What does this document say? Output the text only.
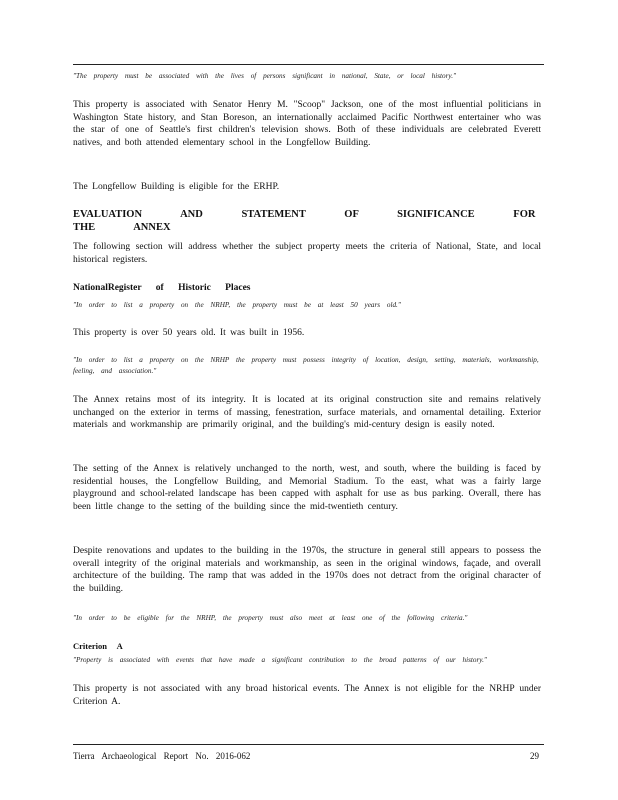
"The property must be associated with the lives of persons significant in national, State, or local history."

This property is associated with Senator Henry M. "Scoop" Jackson, one of the most influential politicians in Washington State history, and Stan Boreson, an internationally acclaimed Pacific Northwest entertainer who was the star of one of Seattle's first children's television shows. Both of these individuals are celebrated Everett natives, and both attended elementary school in the Longfellow Building.

The Longfellow Building is eligible for the ERHP.

EVALUATION AND STATEMENT OF SIGNIFICANCE FOR THE ANNEX

The following section will address whether the subject property meets the criteria of National, State, and local historical registers.

NationalRegister of Historic Places

"In order to list a property on the NRHP, the property must be at least 50 years old."

This property is over 50 years old. It was built in 1956.

"In order to list a property on the NRHP the property must possess integrity of location, design, setting, materials, workmanship, feeling, and association."

The Annex retains most of its integrity. It is located at its original construction site and remains relatively unchanged on the exterior in terms of massing, fenestration, surface materials, and ornamental detailing. Exterior materials and workmanship are primarily original, and the building's mid-century design is easily noted.

The setting of the Annex is relatively unchanged to the north, west, and south, where the building is faced by residential houses, the Longfellow Building, and Memorial Stadium. To the east, what was a fairly large playground and school-related landscape has been capped with asphalt for use as bus parking. Overall, there has been little change to the setting of the building since the mid-twentieth century.

Despite renovations and updates to the building in the 1970s, the structure in general still appears to possess the overall integrity of the original materials and workmanship, as seen in the original windows, façade, and overall architecture of the building. The ramp that was added in the 1970s does not detract from the original character of the building.

"In order to be eligible for the NRHP, the property must also meet at least one of the following criteria."

Criterion A

"Property is associated with events that have made a significant contribution to the broad patterns of our history."

This property is not associated with any broad historical events. The Annex is not eligible for the NRHP under Criterion A.

Tierra Archaeological Report No. 2016-062	29
